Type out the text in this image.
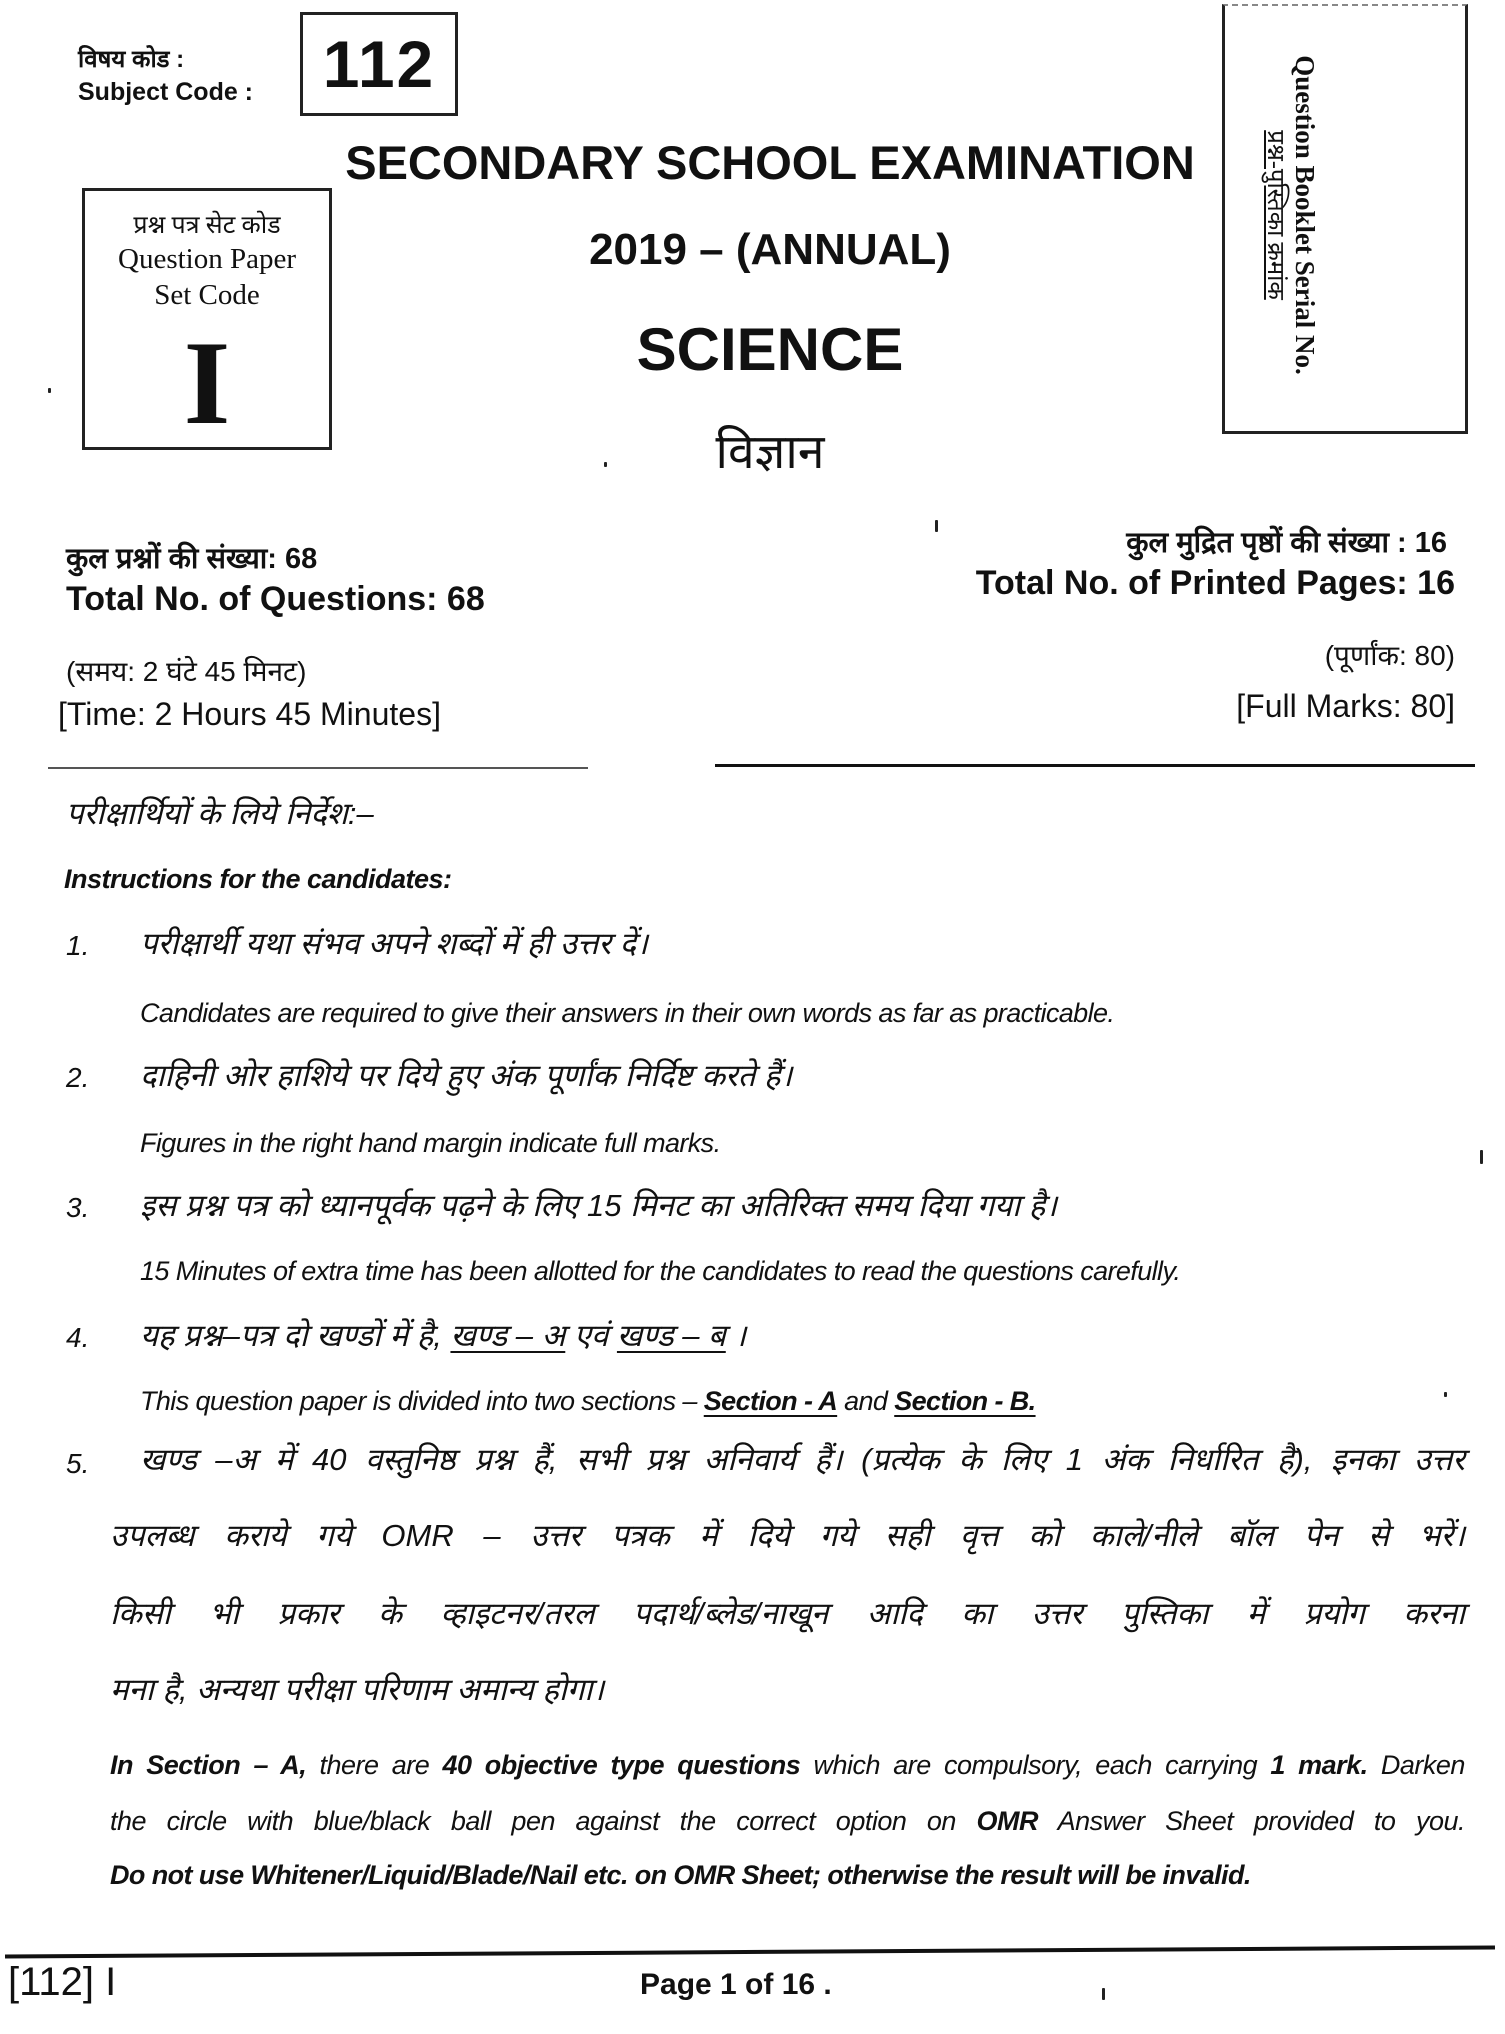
विषय कोड :
Subject Code : 112
प्रश्न पत्र सेट कोड
Question Paper
Set Code
I
Question Booklet Serial No.
प्रश्न-पुस्तिका क्रमांक
SECONDARY SCHOOL EXAMINATION
2019 – (ANNUAL)
SCIENCE
विज्ञान
कुल प्रश्नों की संख्या: 68
Total No. of Questions: 68
(समय: 2 घंटे 45 मिनट)
[Time: 2 Hours 45 Minutes]
कुल मुद्रित पृष्ठों की संख्या : 16
Total No. of Printed Pages: 16
(पूर्णांक: 80)
[Full Marks: 80]
परीक्षार्थियों के लिये निर्देश:–
Instructions for the candidates:
1. परीक्षार्थी यथा संभव अपने शब्दों में ही उत्तर दें।
Candidates are required to give their answers in their own words as far as practicable.
2. दाहिनी ओर हाशिये पर दिये हुए अंक पूर्णांक निर्दिष्ट करते हैं।
Figures in the right hand margin indicate full marks.
3. इस प्रश्न पत्र को ध्यानपूर्वक पढ़ने के लिए 15 मिनट का अतिरिक्त समय दिया गया है।
15 Minutes of extra time has been allotted for the candidates to read the questions carefully.
4. यह प्रश्न–पत्र दो खण्डों में है, खण्ड – अ एवं खण्ड – ब ।
This question paper is divided into two sections – Section - A and Section - B.
5. खण्ड –अ में 40 वस्तुनिष्ठ प्रश्न हैं, सभी प्रश्न अनिवार्य हैं। (प्रत्येक के लिए 1 अंक निर्धारित है), इनका उत्तर
उपलब्ध कराये गये OMR – उत्तर पत्रक में दिये गये सही वृत्त को काले/नीले बॉल पेन से भरें।
किसी भी प्रकार के व्हाइटनर/तरल पदार्थ/ब्लेड/नाखून आदि का उत्तर पुस्तिका में प्रयोग करना
मना है, अन्यथा परीक्षा परिणाम अमान्य होगा।
In Section – A, there are 40 objective type questions which are compulsory, each carrying 1 mark. Darken
the circle with blue/black ball pen against the correct option on OMR Answer Sheet provided to you.
Do not use Whitener/Liquid/Blade/Nail etc. on OMR Sheet; otherwise the result will be invalid.
[112] I	Page 1 of 16 .
